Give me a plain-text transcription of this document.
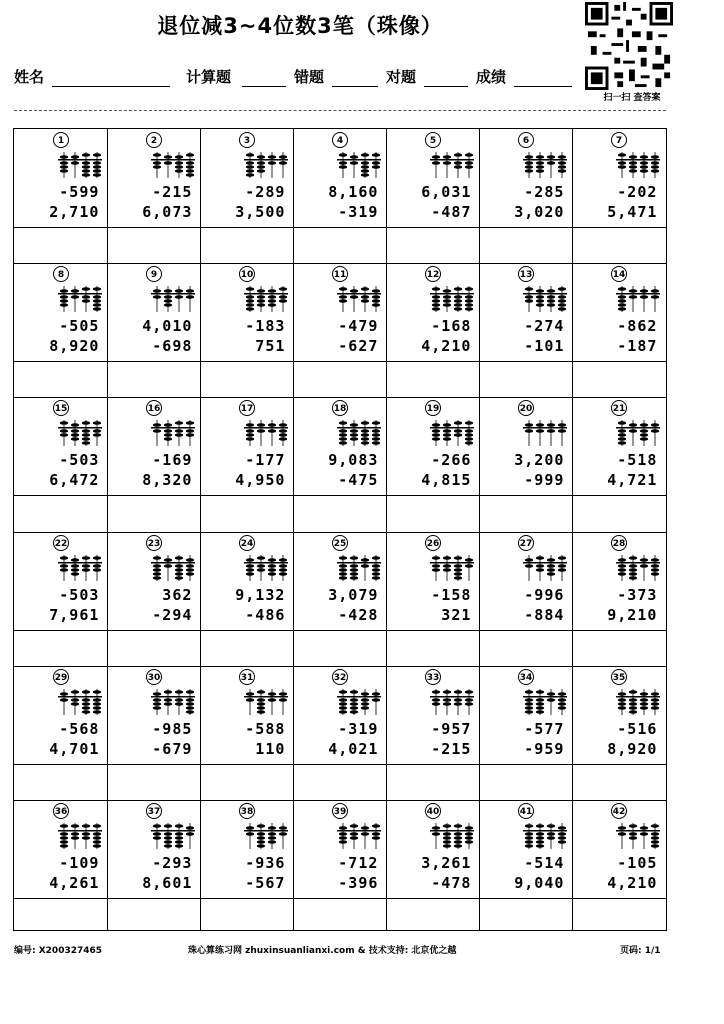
退位减3~4位数3笔（珠像）
扫一扫 查答案
姓名	计算题	错题	对题	成绩
1
-599
2,710
2
-215
6,073
3
-289
3,500
4
8,160
-319
5
6,031
-487
6
-285
3,020
7
-202
5,471
8
-505
8,920
9
4,010
-698
10
-183
751
11
-479
-627
12
-168
4,210
13
-274
-101
14
-862
-187
15
-503
6,472
16
-169
8,320
17
-177
4,950
18
9,083
-475
19
-266
4,815
20
3,200
-999
21
-518
4,721
22
-503
7,961
23
362
-294
24
9,132
-486
25
3,079
-428
26
-158
321
27
-996
-884
28
-373
9,210
29
-568
4,701
30
-985
-679
31
-588
110
32
-319
4,021
33
-957
-215
34
-577
-959
35
-516
8,920
36
-109
4,261
37
-293
8,601
38
-936
-567
39
-712
-396
40
3,261
-478
41
-514
9,040
42
-105
4,210
编号: X200327465	珠心算练习网 zhuxinsuanlianxi.com & 技术支持: 北京优之越	页码: 1/1
